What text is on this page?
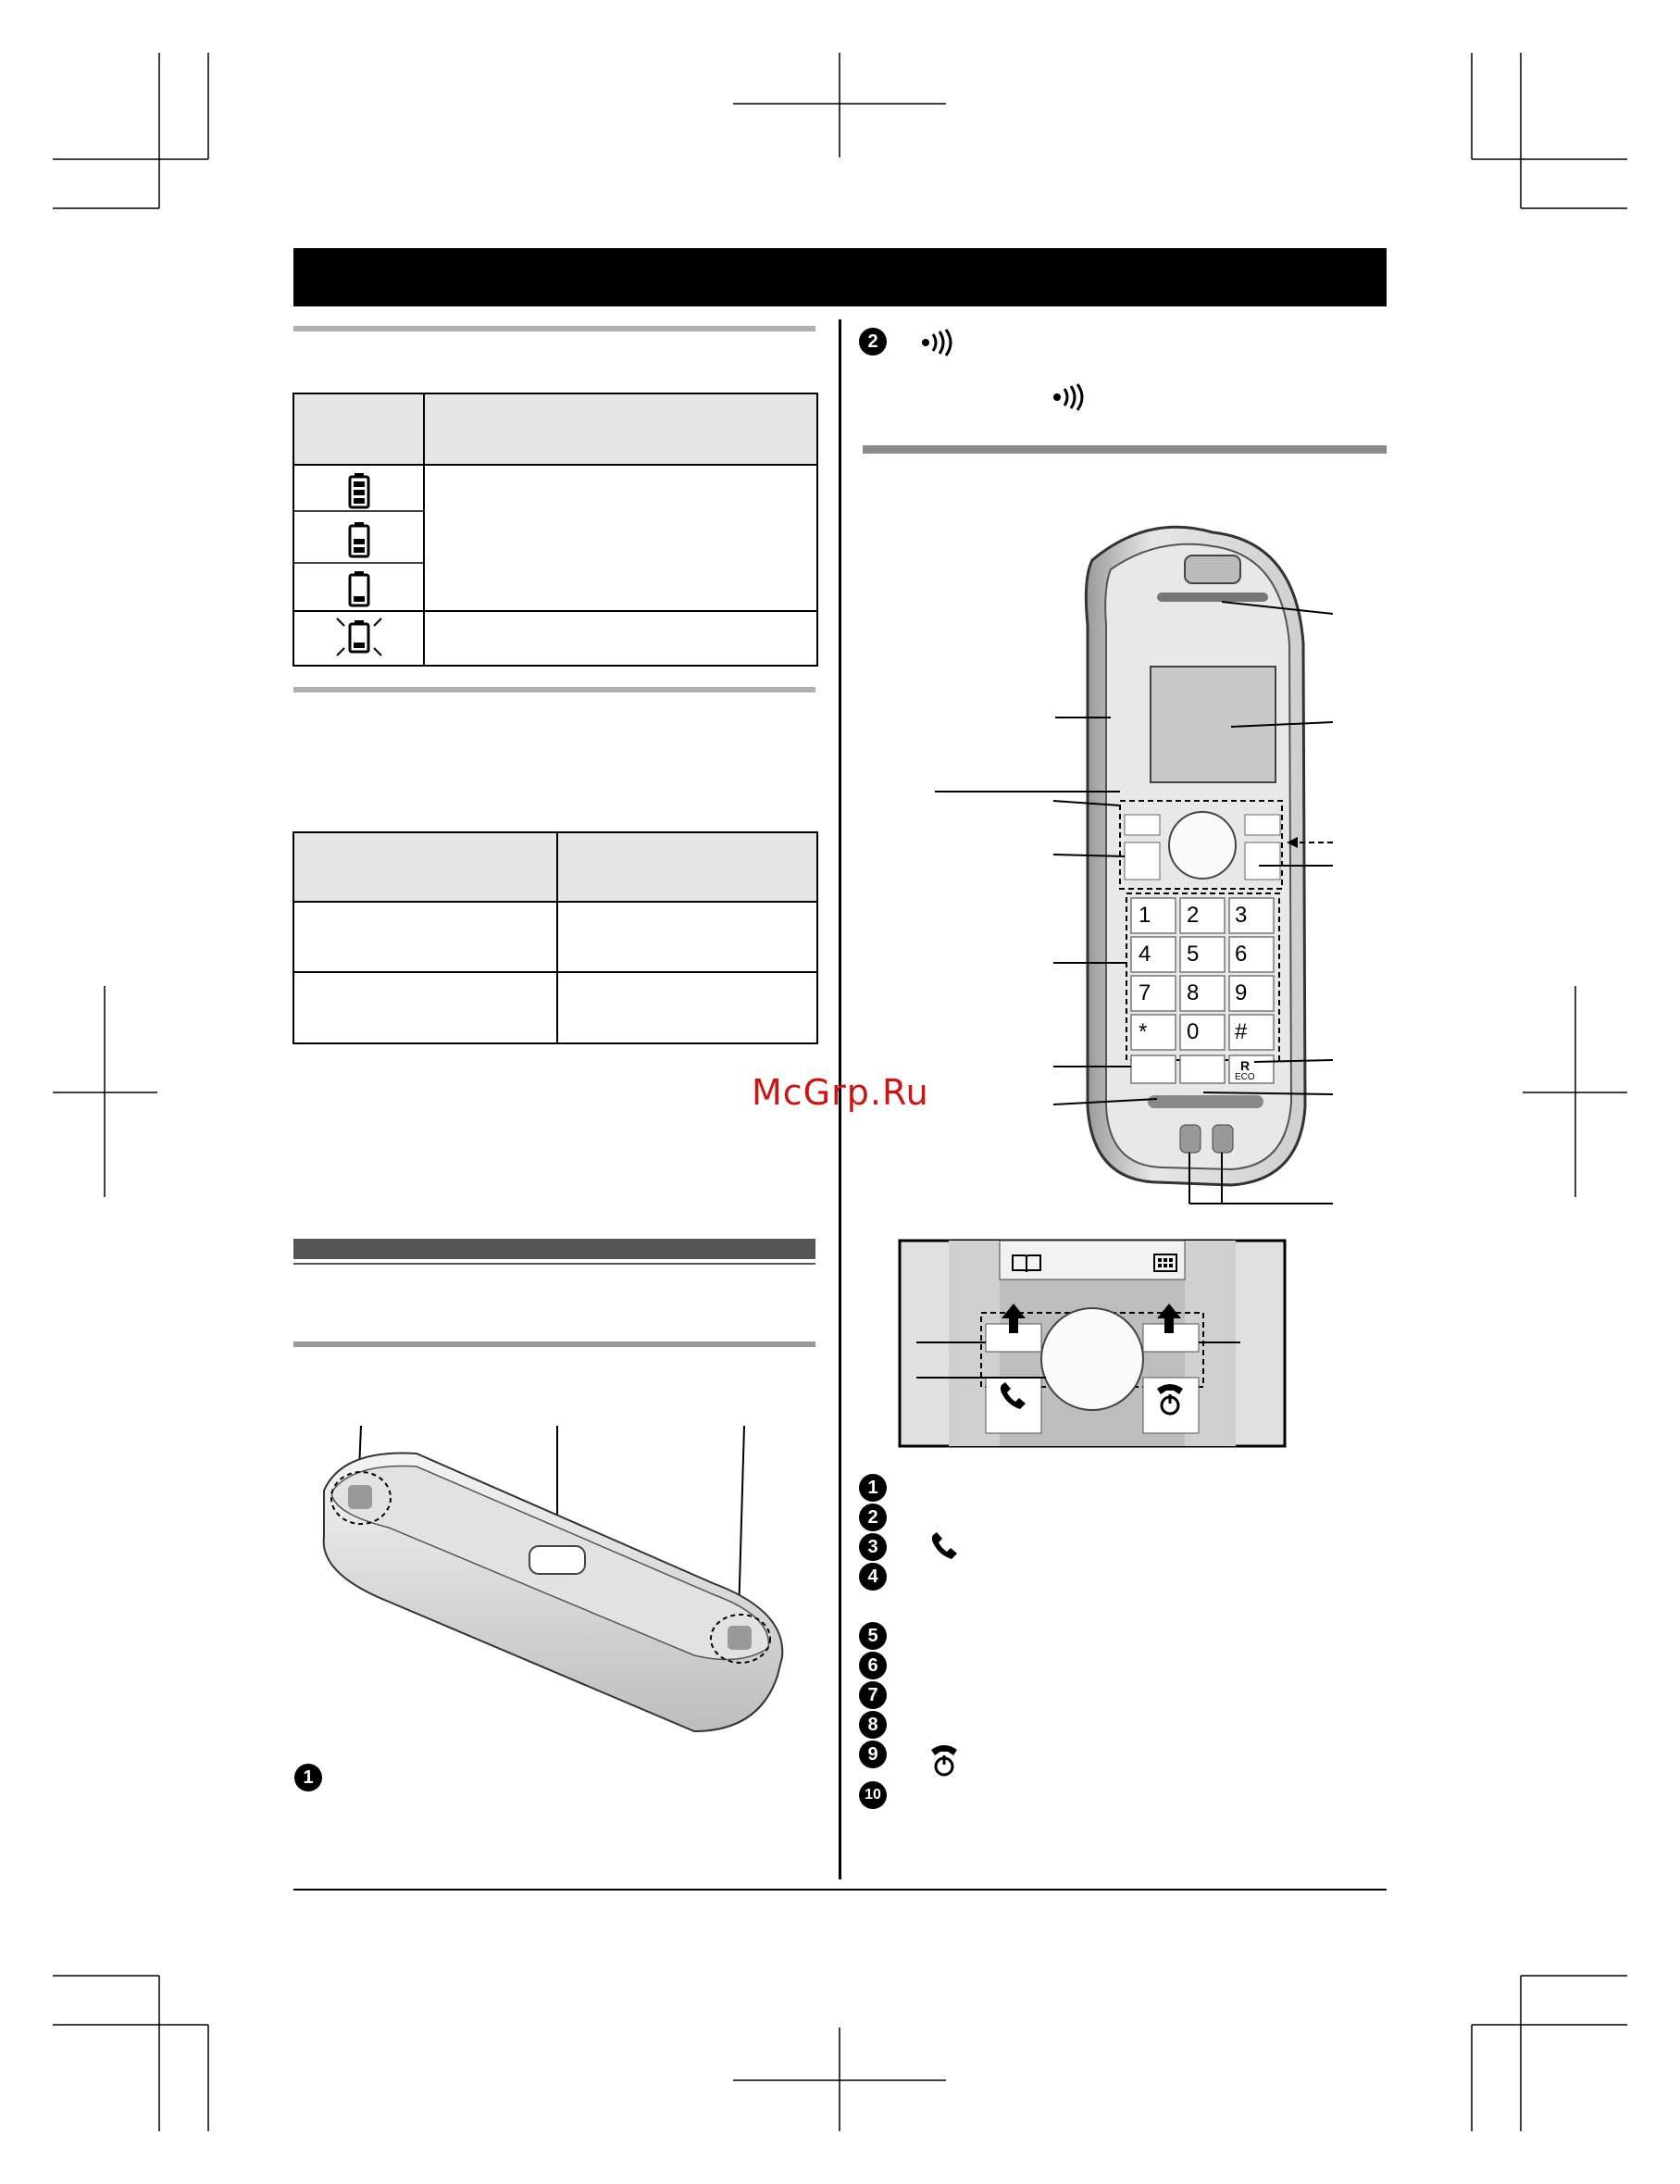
1
2
1 2 3
4 5 6
7 8 9
* 0 #
R
ECO
McGrp.Ru
1
2
3
4
5
6
7
8
9
10
